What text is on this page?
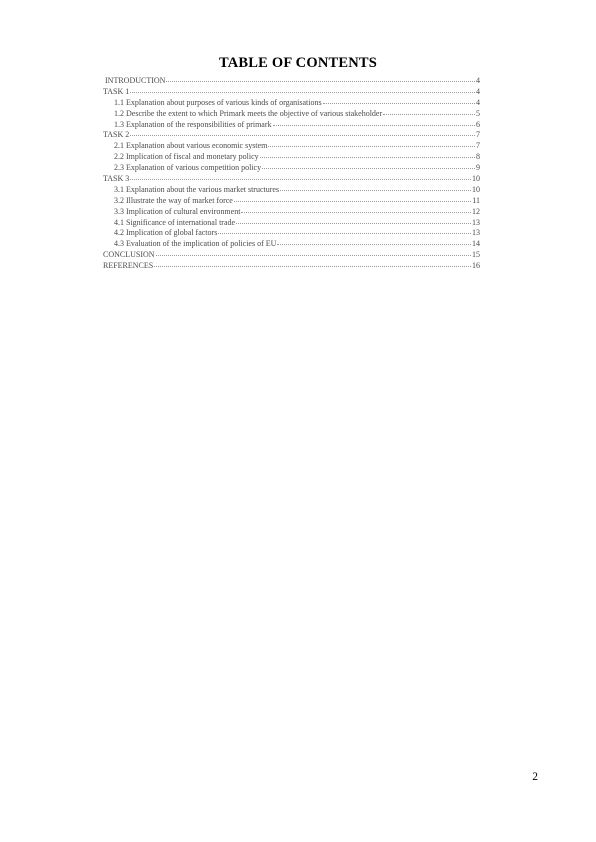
TABLE OF CONTENTS
INTRODUCTION	4
TASK 1	4
1.1 Explanation about purposes of various kinds of organisations	4
1.2 Describe the extent to which Primark meets the objective of various stakeholder	5
1.3 Explanation of the responsibilities of primark	6
TASK 2	7
2.1 Explanation about various economic system	7
2.2 Implication of fiscal and monetary policy	8
2.3 Explanation of various competition policy	9
TASK 3	10
3.1 Explanation about the various market structures	10
3.2 Illustrate the way of market force	11
3.3 Implication of cultural environment	12
4.1 Significance of international trade	13
4.2 Implication of global factors	13
4.3 Evaluation of the implication of policies of EU	14
CONCLUSION	15
REFERENCES	16
2
